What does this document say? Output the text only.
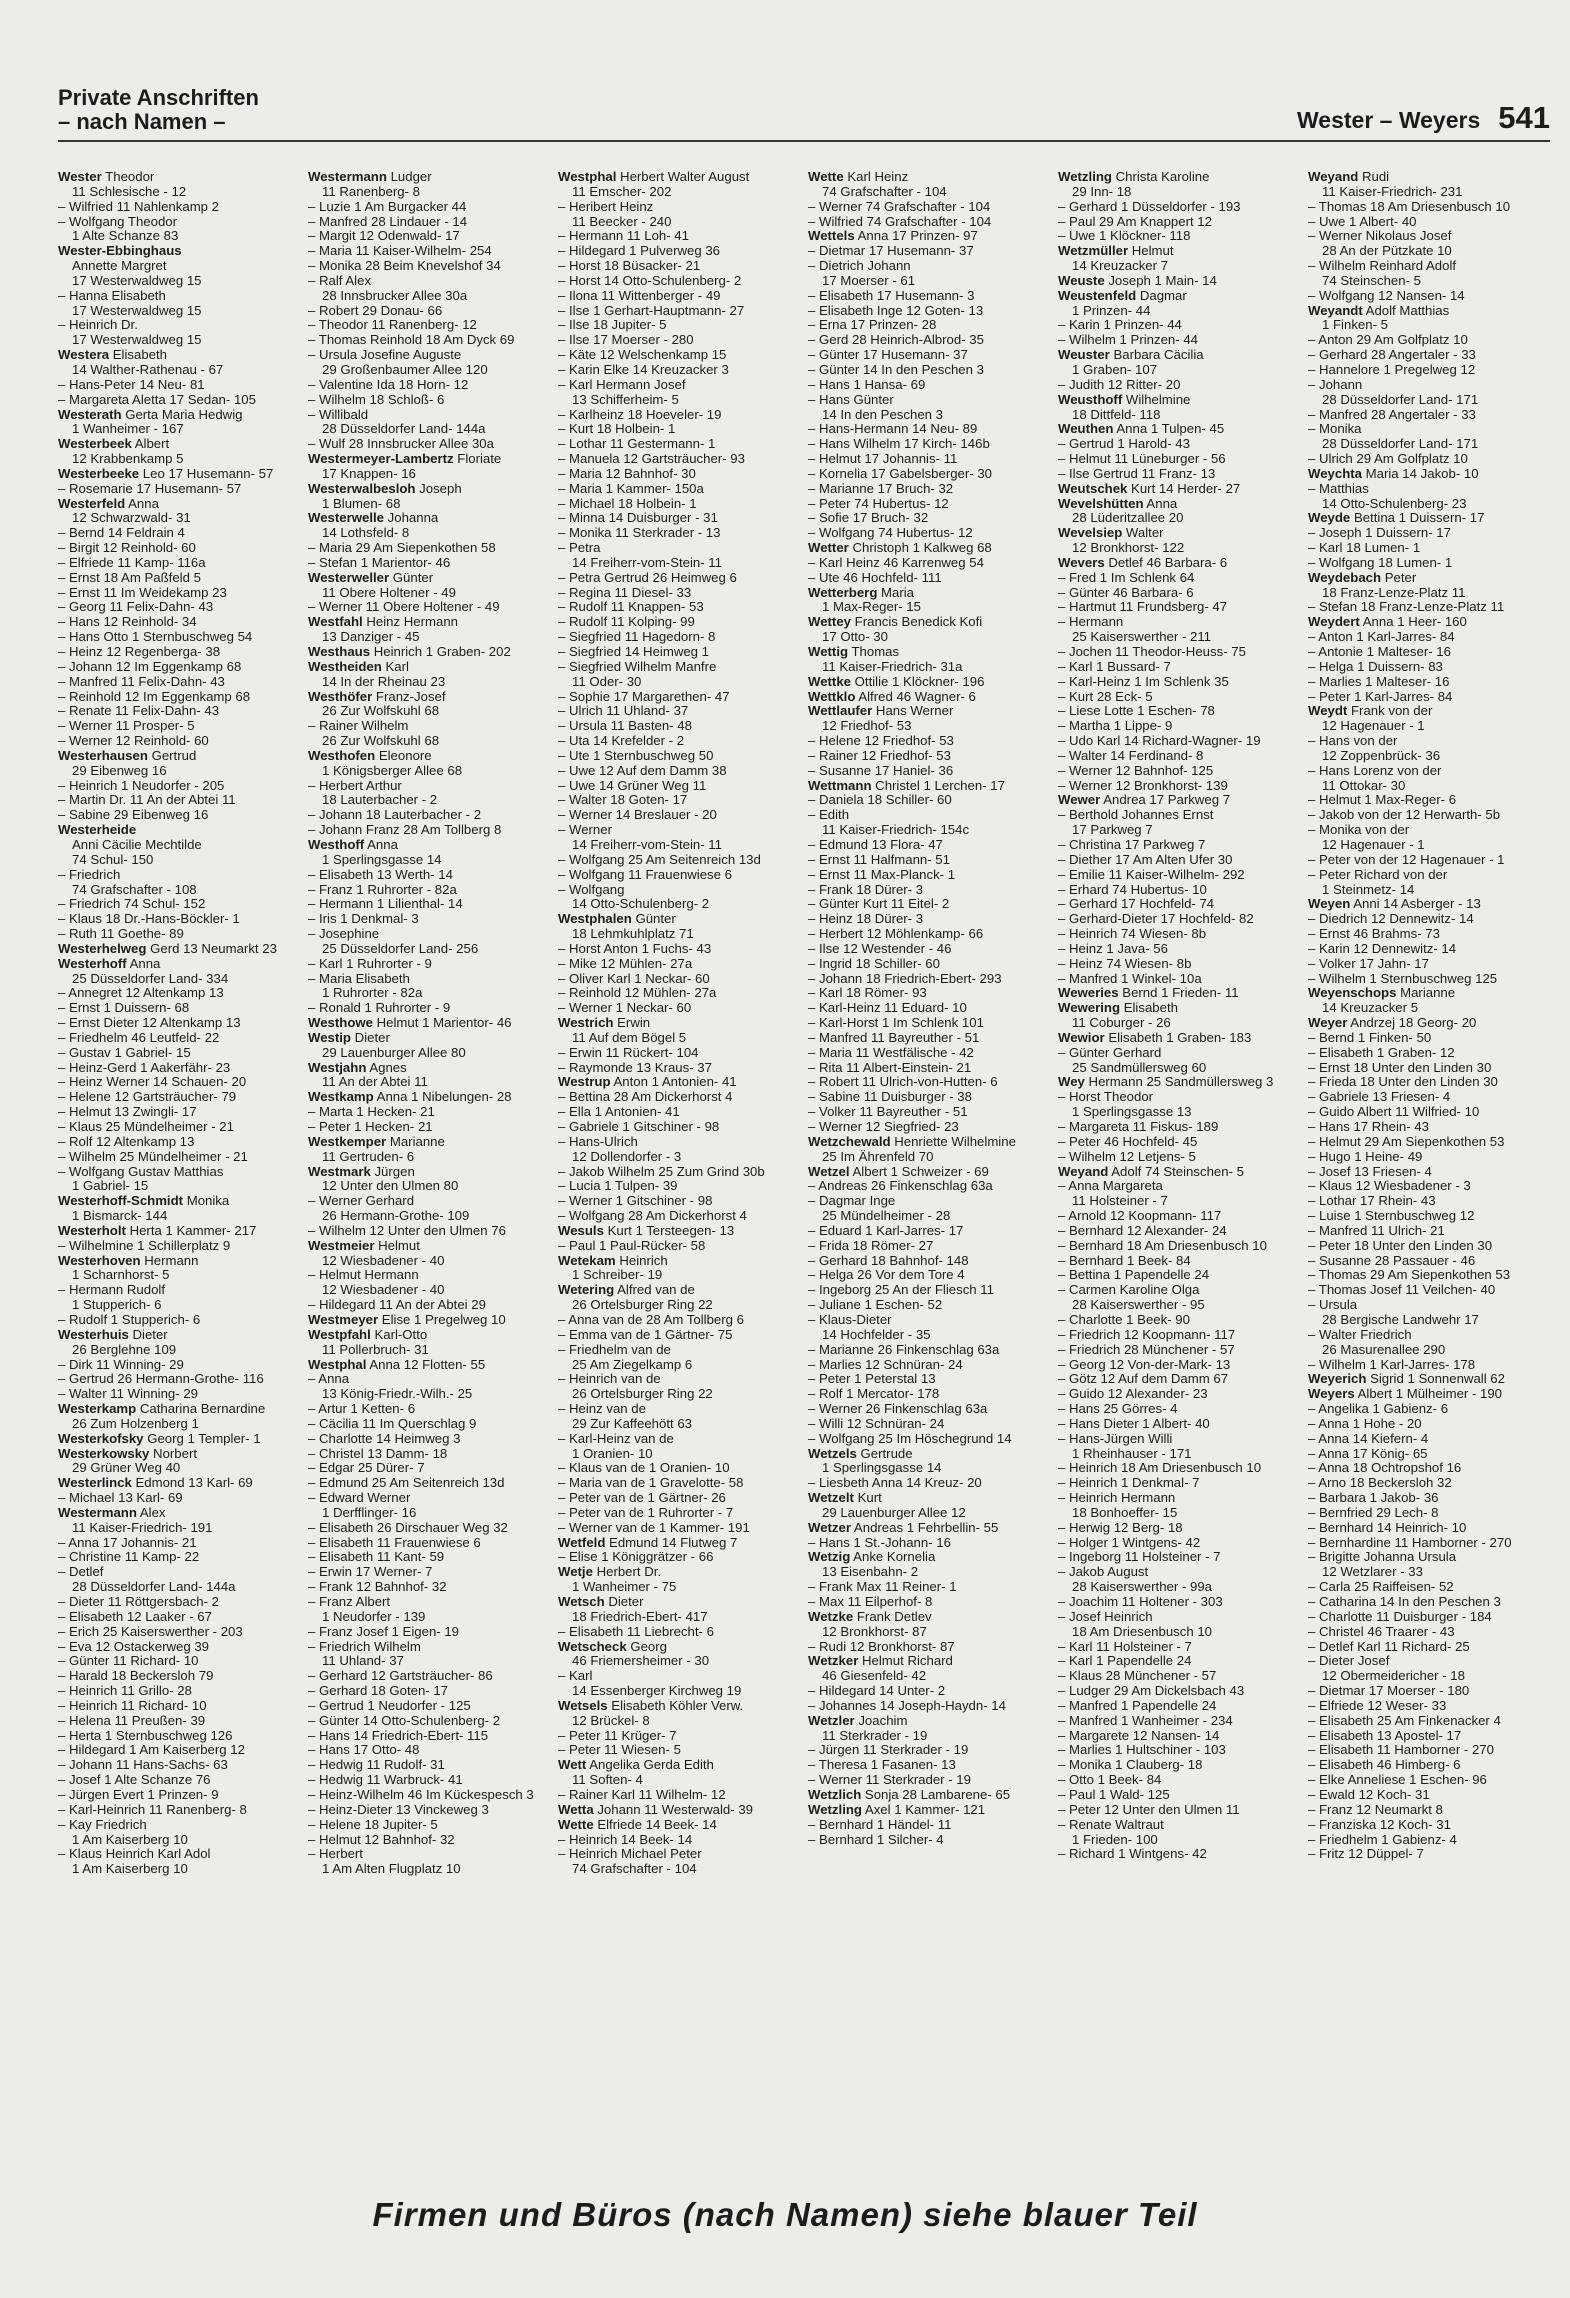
Private Anschriften
– nach Namen –	Wester – Weyers 541
Wester Theodor
11 Schlesische - 12
– Wilfried 11 Nahlenkamp 2
– Wolfgang Theodor
1 Alte Schanze 83
Wester-Ebbinghaus
Annette Margret
17 Westerwaldweg 15
– Hanna Elisabeth
17 Westerwaldweg 15
– Heinrich Dr.
17 Westerwaldweg 15
Westera Elisabeth
14 Walther-Rathenau - 67
– Hans-Peter 14 Neu- 81
– Margareta Aletta 17 Sedan- 105
Westerath Gerta Maria Hedwig
1 Wanheimer - 167
Westerbeek Albert
12 Krabbenkamp 5
Westerbeeke Leo 17 Husemann- 57
– Rosemarie 17 Husemann- 57
Westerfeld Anna
12 Schwarzwald- 31
– Bernd 14 Feldrain 4
– Birgit 12 Reinhold- 60
– Elfriede 11 Kamp- 116a
– Ernst 18 Am Paßfeld 5
– Ernst 11 Im Weidekamp 23
– Georg 11 Felix-Dahn- 43
– Hans 12 Reinhold- 34
– Hans Otto 1 Sternbuschweg 54
– Heinz 12 Regenberga- 38
– Johann 12 Im Eggenkamp 68
– Manfred 11 Felix-Dahn- 43
– Reinhold 12 Im Eggenkamp 68
– Renate 11 Felix-Dahn- 43
– Werner 11 Prosper- 5
– Werner 12 Reinhold- 60
Westerhausen Gertrud
29 Eibenweg 16
– Heinrich 1 Neudorfer - 205
– Martin Dr. 11 An der Abtei 11
– Sabine 29 Eibenweg 16
Westerheide
Anni Cäcilie Mechtilde
74 Schul- 150
– Friedrich
74 Grafschafter - 108
– Friedrich 74 Schul- 152
– Klaus 18 Dr.-Hans-Böckler- 1
– Ruth 11 Goethe- 89
Westerhelweg Gerd 13 Neumarkt 23
Westerhoff Anna
25 Düsseldorfer Land- 334
– Annegret 12 Altenkamp 13
– Ernst 1 Duissern- 68
– Ernst Dieter 12 Altenkamp 13
– Friedhelm 46 Leutfeld- 22
– Gustav 1 Gabriel- 15
– Heinz-Gerd 1 Aakerfähr- 23
– Heinz Werner 14 Schauen- 20
– Helene 12 Gartsträucher- 79
– Helmut 13 Zwingli- 17
– Klaus 25 Mündelheimer - 21
– Rolf 12 Altenkamp 13
– Wilhelm 25 Mündelheimer - 21
– Wolfgang Gustav Matthias
1 Gabriel- 15
Westerhoff-Schmidt Monika
1 Bismarck- 144
Westerholt Herta 1 Kammer- 217
– Wilhelmine 1 Schillerplatz 9
Westerhoven Hermann
1 Scharnhorst- 5
– Hermann Rudolf
1 Stupperich- 6
– Rudolf 1 Stupperich- 6
Westerhuis Dieter
26 Berglehne 109
– Dirk 11 Winning- 29
– Gertrud 26 Hermann-Grothe- 116
– Walter 11 Winning- 29
Westerkamp Catharina Bernardine
26 Zum Holzenberg 1
Westerkofsky Georg 1 Templer- 1
Westerkowsky Norbert
29 Grüner Weg 40
Westerlinck Edmond 13 Karl- 69
– Michael 13 Karl- 69
Westermann Alex
11 Kaiser-Friedrich- 191
– Anna 17 Johannis- 21
– Christine 11 Kamp- 22
– Detlef
28 Düsseldorfer Land- 144a
– Dieter 11 Röttgersbach- 2
– Elisabeth 12 Laaker - 67
– Erich 25 Kaiserswerther - 203
– Eva 12 Ostackerweg 39
– Günter 11 Richard- 10
– Harald 18 Beckersloh 79
– Heinrich 11 Grillo- 28
– Heinrich 11 Richard- 10
– Helena 11 Preußen- 39
– Herta 1 Sternbuschweg 126
– Hildegard 1 Am Kaiserberg 12
– Johann 11 Hans-Sachs- 63
– Josef 1 Alte Schanze 76
– Jürgen Evert 1 Prinzen- 9
– Karl-Heinrich 11 Ranenberg- 8
– Kay Friedrich
1 Am Kaiserberg 10
– Klaus Heinrich Karl Adol
1 Am Kaiserberg 10
Westermann Ludger
11 Ranenberg- 8
– Luzie 1 Am Burgacker 44
– Manfred 28 Lindauer - 14
– Margit 12 Odenwald- 17
– Maria 11 Kaiser-Wilhelm- 254
– Monika 28 Beim Knevelshof 34
– Ralf Alex
28 Innsbrucker Allee 30a
– Robert 29 Donau- 66
– Theodor 11 Ranenberg- 12
– Thomas Reinhold 18 Am Dyck 69
– Ursula Josefine Auguste
29 Großenbaumer Allee 120
– Valentine Ida 18 Horn- 12
– Wilhelm 18 Schloß- 6
– Willibald
28 Düsseldorfer Land- 144a
– Wulf 28 Innsbrucker Allee 30a
Westermeyer-Lambertz Floriate
17 Knappen- 16
Westerwalbesloh Joseph
1 Blumen- 68
Westerwelle Johanna
14 Lothsfeld- 8
– Maria 29 Am Siepenkothen 58
– Stefan 1 Marientor- 46
Westerweller Günter
11 Obere Holtener - 49
– Werner 11 Obere Holtener - 49
Westfahl Heinz Hermann
13 Danziger - 45
Westhaus Heinrich 1 Graben- 202
Westheiden Karl
14 In der Rheinau 23
Westhöfer Franz-Josef
26 Zur Wolfskuhl 68
– Rainer Wilhelm
26 Zur Wolfskuhl 68
Westhofen Eleonore
1 Königsberger Allee 68
– Herbert Arthur
18 Lauterbacher - 2
– Johann 18 Lauterbacher - 2
– Johann Franz 28 Am Tollberg 8
Westhoff Anna
1 Sperlingsgasse 14
– Elisabeth 13 Werth- 14
– Franz 1 Ruhrorter - 82a
– Hermann 1 Lilienthal- 14
– Iris 1 Denkmal- 3
– Josephine
25 Düsseldorfer Land- 256
– Karl 1 Ruhrorter - 9
– Maria Elisabeth
1 Ruhrorter - 82a
– Ronald 1 Ruhrorter - 9
Westhowe Helmut 1 Marientor- 46
Westip Dieter
29 Lauenburger Allee 80
Westjahn Agnes
11 An der Abtei 11
Westkamp Anna 1 Nibelungen- 28
– Marta 1 Hecken- 21
– Peter 1 Hecken- 21
Westkemper Marianne
11 Gertruden- 6
Westmark Jürgen
12 Unter den Ulmen 80
– Werner Gerhard
26 Hermann-Grothe- 109
– Wilhelm 12 Unter den Ulmen 76
Westmeier Helmut
12 Wiesbadener - 40
– Helmut Hermann
12 Wiesbadener - 40
– Hildegard 11 An der Abtei 29
Westmeyer Elise 1 Pregelweg 10
Westpfahl Karl-Otto
11 Pollerbruch- 31
Westphal Anna 12 Flotten- 55
– Anna
13 König-Friedr.-Wilh.- 25
– Artur 1 Ketten- 6
– Cäcilia 11 Im Querschlag 9
– Charlotte 14 Heimweg 3
– Christel 13 Damm- 18
– Edgar 25 Dürer- 7
– Edmund 25 Am Seitenreich 13d
– Edward Werner
1 Derfflinger- 16
– Elisabeth 26 Dirschauer Weg 32
– Elisabeth 11 Frauenwiese 6
– Elisabeth 11 Kant- 59
– Erwin 17 Werner- 7
– Frank 12 Bahnhof- 32
– Franz Albert
1 Neudorfer - 139
– Franz Josef 1 Eigen- 19
– Friedrich Wilhelm
11 Uhland- 37
– Gerhard 12 Gartsträucher- 86
– Gerhard 18 Goten- 17
– Gertrud 1 Neudorfer - 125
– Günter 14 Otto-Schulenberg- 2
– Hans 14 Friedrich-Ebert- 115
– Hans 17 Otto- 48
– Hedwig 11 Rudolf- 31
– Hedwig 11 Warbruck- 41
– Heinz-Wilhelm 46 Im Kückespesch 3
– Heinz-Dieter 13 Vinckeweg 3
– Helene 18 Jupiter- 5
– Helmut 12 Bahnhof- 32
– Herbert
1 Am Alten Flugplatz 10
Westphal Herbert Walter August
11 Emscher- 202
– Heribert Heinz
11 Beecker - 240
– Hermann 11 Loh- 41
– Hildegard 1 Pulverweg 36
– Horst 18 Büsacker- 21
– Horst 14 Otto-Schulenberg- 2
– Ilona 11 Wittenberger - 49
– Ilse 1 Gerhart-Hauptmann- 27
– Ilse 18 Jupiter- 5
– Ilse 17 Moerser - 280
– Käte 12 Welschenkamp 15
– Karin Elke 14 Kreuzacker 3
– Karl Hermann Josef
13 Schifferheim- 5
– Karlheinz 18 Hoeveler- 19
– Kurt 18 Holbein- 1
– Lothar 11 Gestermann- 1
– Manuela 12 Gartsträucher- 93
– Maria 12 Bahnhof- 30
– Maria 1 Kammer- 150a
– Michael 18 Holbein- 1
– Minna 14 Duisburger - 31
– Monika 11 Sterkrader - 13
– Petra
14 Freiherr-vom-Stein- 11
– Petra Gertrud 26 Heimweg 6
– Regina 11 Diesel- 33
– Rudolf 11 Knappen- 53
– Rudolf 11 Kolping- 99
– Siegfried 11 Hagedorn- 8
– Siegfried 14 Heimweg 1
– Siegfried Wilhelm Manfre
11 Oder- 30
– Sophie 17 Margarethen- 47
– Ulrich 11 Uhland- 37
– Ursula 11 Basten- 48
– Uta 14 Krefelder - 2
– Ute 1 Sternbuschweg 50
– Uwe 12 Auf dem Damm 38
– Uwe 14 Grüner Weg 11
– Walter 18 Goten- 17
– Werner 14 Breslauer - 20
– Werner
14 Freiherr-vom-Stein- 11
– Wolfgang 25 Am Seitenreich 13d
– Wolfgang 11 Frauenwiese 6
– Wolfgang
14 Otto-Schulenberg- 2
Westphalen Günter
18 Lehmkuhlplatz 71
– Horst Anton 1 Fuchs- 43
– Mike 12 Mühlen- 27a
– Oliver Karl 1 Neckar- 60
– Reinhold 12 Mühlen- 27a
– Werner 1 Neckar- 60
Westrich Erwin
11 Auf dem Bögel 5
– Erwin 11 Rückert- 104
– Raymonde 13 Kraus- 37
Westrup Anton 1 Antonien- 41
– Bettina 28 Am Dickerhorst 4
– Ella 1 Antonien- 41
– Gabriele 1 Gitschiner - 98
– Hans-Ulrich
12 Dollendorfer - 3
– Jakob Wilhelm 25 Zum Grind 30b
– Lucia 1 Tulpen- 39
– Werner 1 Gitschiner - 98
– Wolfgang 28 Am Dickerhorst 4
Wesuls Kurt 1 Tersteegen- 13
– Paul 1 Paul-Rücker- 58
Wetekam Heinrich
1 Schreiber- 19
Wetering Alfred van de
26 Ortelsburger Ring 22
– Anna van de 28 Am Tollberg 6
– Emma van de 1 Gärtner- 75
– Friedhelm van de
25 Am Ziegelkamp 6
– Heinrich van de
26 Ortelsburger Ring 22
– Heinz van de
29 Zur Kaffeehött 63
– Karl-Heinz van de
1 Oranien- 10
– Klaus van de 1 Oranien- 10
– Maria van de 1 Gravelotte- 58
– Peter van de 1 Gärtner- 26
– Peter van de 1 Ruhrorter - 7
– Werner van de 1 Kammer- 191
Wetfeld Edmund 14 Flutweg 7
– Elise 1 Königgrätzer - 66
Wetje Herbert Dr.
1 Wanheimer - 75
Wetsch Dieter
18 Friedrich-Ebert- 417
– Elisabeth 11 Liebrecht- 6
Wetscheck Georg
46 Friemersheimer - 30
– Karl
14 Essenberger Kirchweg 19
Wetsels Elisabeth Köhler Verw.
12 Brückel- 8
– Peter 11 Krüger- 7
– Peter 11 Wiesen- 5
Wett Angelika Gerda Edith
11 Soften- 4
– Rainer Karl 11 Wilhelm- 12
Wetta Johann 11 Westerwald- 39
Wette Elfriede 14 Beek- 14
– Heinrich 14 Beek- 14
– Heinrich Michael Peter
74 Grafschafter - 104
Wette Karl Heinz
74 Grafschafter - 104
– Werner 74 Grafschafter - 104
– Wilfried 74 Grafschafter - 104
Wettels Anna 17 Prinzen- 97
– Dietmar 17 Husemann- 37
– Dietrich Johann
17 Moerser - 61
– Elisabeth 17 Husemann- 3
– Elisabeth Inge 12 Goten- 13
– Erna 17 Prinzen- 28
– Gerd 28 Heinrich-Albrod- 35
– Günter 17 Husemann- 37
– Günter 14 In den Peschen 3
– Hans 1 Hansa- 69
– Hans Günter
14 In den Peschen 3
– Hans-Hermann 14 Neu- 89
– Hans Wilhelm 17 Kirch- 146b
– Helmut 17 Johannis- 11
– Kornelia 17 Gabelsberger- 30
– Marianne 17 Bruch- 32
– Peter 74 Hubertus- 12
– Sofie 17 Bruch- 32
– Wolfgang 74 Hubertus- 12
Wetter Christoph 1 Kalkweg 68
– Karl Heinz 46 Karrenweg 54
– Ute 46 Hochfeld- 111
Wetterberg Maria
1 Max-Reger- 15
Wettey Francis Benedick Kofi
17 Otto- 30
Wettig Thomas
11 Kaiser-Friedrich- 31a
Wettke Ottilie 1 Klöckner- 196
Wettklo Alfred 46 Wagner- 6
Wettlaufer Hans Werner
12 Friedhof- 53
– Helene 12 Friedhof- 53
– Rainer 12 Friedhof- 53
– Susanne 17 Haniel- 36
Wettmann Christel 1 Lerchen- 17
– Daniela 18 Schiller- 60
– Edith
11 Kaiser-Friedrich- 154c
– Edmund 13 Flora- 47
– Ernst 11 Halfmann- 51
– Ernst 11 Max-Planck- 1
– Frank 18 Dürer- 3
– Günter Kurt 11 Eitel- 2
– Heinz 18 Dürer- 3
– Herbert 12 Möhlenkamp- 66
– Ilse 12 Westender - 46
– Ingrid 18 Schiller- 60
– Johann 18 Friedrich-Ebert- 293
– Karl 18 Römer- 93
– Karl-Heinz 11 Eduard- 10
– Karl-Horst 1 Im Schlenk 101
– Manfred 11 Bayreuther - 51
– Maria 11 Westfälische - 42
– Rita 11 Albert-Einstein- 21
– Robert 11 Ulrich-von-Hutten- 6
– Sabine 11 Duisburger - 38
– Volker 11 Bayreuther - 51
– Werner 12 Siegfried- 23
Wetzchewald Henriette Wilhelmine
25 Im Ährenfeld 70
Wetzel Albert 1 Schweizer - 69
– Andreas 26 Finkenschlag 63a
– Dagmar Inge
25 Mündelheimer - 28
– Eduard 1 Karl-Jarres- 17
– Frida 18 Römer- 27
– Gerhard 18 Bahnhof- 148
– Helga 26 Vor dem Tore 4
– Ingeborg 25 An der Fliesch 11
– Juliane 1 Eschen- 52
– Klaus-Dieter
14 Hochfelder - 35
– Marianne 26 Finkenschlag 63a
– Marlies 12 Schnüran- 24
– Peter 1 Peterstal 13
– Rolf 1 Mercator- 178
– Werner 26 Finkenschlag 63a
– Willi 12 Schnüran- 24
– Wolfgang 25 Im Höschegrund 14
Wetzels Gertrude
1 Sperlingsgasse 14
– Liesbeth Anna 14 Kreuz- 20
Wetzelt Kurt
29 Lauenburger Allee 12
Wetzer Andreas 1 Fehrbellin- 55
– Hans 1 St.-Johann- 16
Wetzig Anke Kornelia
13 Eisenbahn- 2
– Frank Max 11 Reiner- 1
– Max 11 Eilperhof- 8
Wetzke Frank Detlev
12 Bronkhorst- 87
– Rudi 12 Bronkhorst- 87
Wetzker Helmut Richard
46 Giesenfeld- 42
– Hildegard 14 Unter- 2
– Johannes 14 Joseph-Haydn- 14
Wetzler Joachim
11 Sterkrader - 19
– Jürgen 11 Sterkrader - 19
– Theresa 1 Fasanen- 13
– Werner 11 Sterkrader - 19
Wetzlich Sonja 28 Lambarene- 65
Wetzling Axel 1 Kammer- 121
– Bernhard 1 Händel- 11
– Bernhard 1 Silcher- 4
Wetzling Christa Karoline
29 Inn- 18
– Gerhard 1 Düsseldorfer - 193
– Paul 29 Am Knappert 12
– Uwe 1 Klöckner- 118
Wetzmüller Helmut
14 Kreuzacker 7
Weuste Joseph 1 Main- 14
Weustenfeld Dagmar
1 Prinzen- 44
– Karin 1 Prinzen- 44
– Wilhelm 1 Prinzen- 44
Weuster Barbara Cäcilia
1 Graben- 107
– Judith 12 Ritter- 20
Weusthoff Wilhelmine
18 Dittfeld- 118
Weuthen Anna 1 Tulpen- 45
– Gertrud 1 Harold- 43
– Helmut 11 Lüneburger - 56
– Ilse Gertrud 11 Franz- 13
Weutschek Kurt 14 Herder- 27
Wevelshütten Anna
28 Lüderitzallee 20
Wevelsiep Walter
12 Bronkhorst- 122
Wevers Detlef 46 Barbara- 6
– Fred 1 Im Schlenk 64
– Günter 46 Barbara- 6
– Hartmut 11 Frundsberg- 47
– Hermann
25 Kaiserswerther - 211
– Jochen 11 Theodor-Heuss- 75
– Karl 1 Bussard- 7
– Karl-Heinz 1 Im Schlenk 35
– Kurt 28 Eck- 5
– Liese Lotte 1 Eschen- 78
– Martha 1 Lippe- 9
– Udo Karl 14 Richard-Wagner- 19
– Walter 14 Ferdinand- 8
– Werner 12 Bahnhof- 125
– Werner 12 Bronkhorst- 139
Wewer Andrea 17 Parkweg 7
– Berthold Johannes Ernst
17 Parkweg 7
– Christina 17 Parkweg 7
– Diether 17 Am Alten Ufer 30
– Emilie 11 Kaiser-Wilhelm- 292
– Erhard 74 Hubertus- 10
– Gerhard 17 Hochfeld- 74
– Gerhard-Dieter 17 Hochfeld- 82
– Heinrich 74 Wiesen- 8b
– Heinz 1 Java- 56
– Heinz 74 Wiesen- 8b
– Manfred 1 Winkel- 10a
Weweries Bernd 1 Frieden- 11
Wewering Elisabeth
11 Coburger - 26
Wewior Elisabeth 1 Graben- 183
– Günter Gerhard
25 Sandmüllersweg 60
Wey Hermann 25 Sandmüllersweg 3
– Horst Theodor
1 Sperlingsgasse 13
– Margareta 11 Fiskus- 189
– Peter 46 Hochfeld- 45
– Wilhelm 12 Letjens- 5
Weyand Adolf 74 Steinschen- 5
– Anna Margareta
11 Holsteiner - 7
– Arnold 12 Koopmann- 117
– Bernhard 12 Alexander- 24
– Bernhard 18 Am Driesenbusch 10
– Bernhard 1 Beek- 84
– Bettina 1 Papendelle 24
– Carmen Karoline Olga
28 Kaiserswerther - 95
– Charlotte 1 Beek- 90
– Friedrich 12 Koopmann- 117
– Friedrich 28 Münchener - 57
– Georg 12 Von-der-Mark- 13
– Götz 12 Auf dem Damm 67
– Guido 12 Alexander- 23
– Hans 25 Görres- 4
– Hans Dieter 1 Albert- 40
– Hans-Jürgen Willi
1 Rheinhauser - 171
– Heinrich 18 Am Driesenbusch 10
– Heinrich 1 Denkmal- 7
– Heinrich Hermann
18 Bonhoeffer- 15
– Herwig 12 Berg- 18
– Holger 1 Wintgens- 42
– Ingeborg 11 Holsteiner - 7
– Jakob August
28 Kaiserswerther - 99a
– Joachim 11 Holtener - 303
– Josef Heinrich
18 Am Driesenbusch 10
– Karl 11 Holsteiner - 7
– Karl 1 Papendelle 24
– Klaus 28 Münchener - 57
– Ludger 29 Am Dickelsbach 43
– Manfred 1 Papendelle 24
– Manfred 1 Wanheimer - 234
– Margarete 12 Nansen- 14
– Marlies 1 Hultschiner - 103
– Monika 1 Clauberg- 18
– Otto 1 Beek- 84
– Paul 1 Wald- 125
– Peter 12 Unter den Ulmen 11
– Renate Waltraut
1 Frieden- 100
– Richard 1 Wintgens- 42
Weyand Rudi
11 Kaiser-Friedrich- 231
– Thomas 18 Am Driesenbusch 10
– Uwe 1 Albert- 40
– Werner Nikolaus Josef
28 An der Pützkate 10
– Wilhelm Reinhard Adolf
74 Steinschen- 5
– Wolfgang 12 Nansen- 14
Weyandt Adolf Matthias
1 Finken- 5
– Anton 29 Am Golfplatz 10
– Gerhard 28 Angertaler - 33
– Hannelore 1 Pregelweg 12
– Johann
28 Düsseldorfer Land- 171
– Manfred 28 Angertaler - 33
– Monika
28 Düsseldorfer Land- 171
– Ulrich 29 Am Golfplatz 10
Weychta Maria 14 Jakob- 10
– Matthias
14 Otto-Schulenberg- 23
Weyde Bettina 1 Duissern- 17
– Joseph 1 Duissern- 17
– Karl 18 Lumen- 1
– Wolfgang 18 Lumen- 1
Weydebach Peter
18 Franz-Lenze-Platz 11
– Stefan 18 Franz-Lenze-Platz 11
Weydert Anna 1 Heer- 160
– Anton 1 Karl-Jarres- 84
– Antonie 1 Malteser- 16
– Helga 1 Duissern- 83
– Marlies 1 Malteser- 16
– Peter 1 Karl-Jarres- 84
Weydt Frank von der
12 Hagenauer - 1
– Hans von der
12 Zoppenbrück- 36
– Hans Lorenz von der
11 Ottokar- 30
– Helmut 1 Max-Reger- 6
– Jakob von der 12 Herwarth- 5b
– Monika von der
12 Hagenauer - 1
– Peter von der 12 Hagenauer - 1
– Peter Richard von der
1 Steinmetz- 14
Weyen Anni 14 Asberger - 13
– Diedrich 12 Dennewitz- 14
– Ernst 46 Brahms- 73
– Karin 12 Dennewitz- 14
– Volker 17 Jahn- 17
– Wilhelm 1 Sternbuschweg 125
Weyenschops Marianne
14 Kreuzacker 5
Weyer Andrzej 18 Georg- 20
– Bernd 1 Finken- 50
– Elisabeth 1 Graben- 12
– Ernst 18 Unter den Linden 30
– Frieda 18 Unter den Linden 30
– Gabriele 13 Friesen- 4
– Guido Albert 11 Wilfried- 10
– Hans 17 Rhein- 43
– Helmut 29 Am Siepenkothen 53
– Hugo 1 Heine- 49
– Josef 13 Friesen- 4
– Klaus 12 Wiesbadener - 3
– Lothar 17 Rhein- 43
– Luise 1 Sternbuschweg 12
– Manfred 11 Ulrich- 21
– Peter 18 Unter den Linden 30
– Susanne 28 Passauer - 46
– Thomas 29 Am Siepenkothen 53
– Thomas Josef 11 Veilchen- 40
– Ursula
28 Bergische Landwehr 17
– Walter Friedrich
26 Masurenallee 290
– Wilhelm 1 Karl-Jarres- 178
Weyerich Sigrid 1 Sonnenwall 62
Weyers Albert 1 Mülheimer - 190
– Angelika 1 Gabienz- 6
– Anna 1 Hohe - 20
– Anna 14 Kiefern- 4
– Anna 17 König- 65
– Anna 18 Ochtropshof 16
– Arno 18 Beckersloh 32
– Barbara 1 Jakob- 36
– Bernfried 29 Lech- 8
– Bernhard 14 Heinrich- 10
– Bernhardine 11 Hamborner - 270
– Brigitte Johanna Ursula
12 Wetzlarer - 33
– Carla 25 Raiffeisen- 52
– Catharina 14 In den Peschen 3
– Charlotte 11 Duisburger - 184
– Christel 46 Traarer - 43
– Detlef Karl 11 Richard- 25
– Dieter Josef
12 Obermeidericher - 18
– Dietmar 17 Moerser - 180
– Elfriede 12 Weser- 33
– Elisabeth 25 Am Finkenacker 4
– Elisabeth 13 Apostel- 17
– Elisabeth 11 Hamborner - 270
– Elisabeth 46 Himberg- 6
– Elke Anneliese 1 Eschen- 96
– Ewald 12 Koch- 31
– Franz 12 Neumarkt 8
– Franziska 12 Koch- 31
– Friedhelm 1 Gabienz- 4
– Fritz 12 Düppel- 7
Firmen und Büros (nach Namen) siehe blauer Teil
